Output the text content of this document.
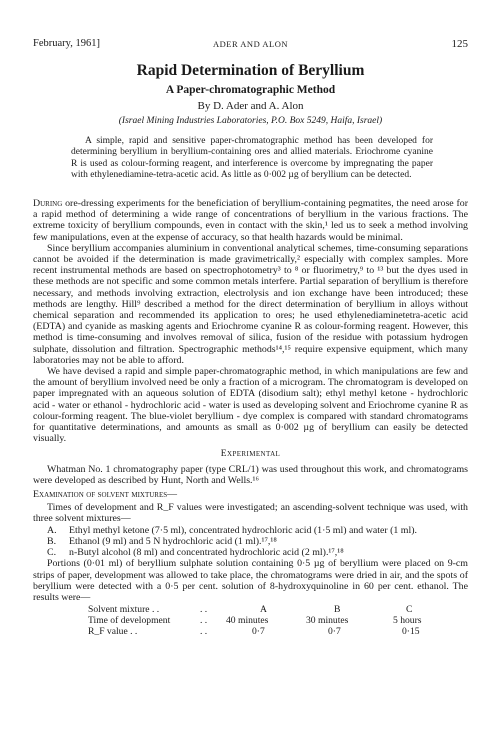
February, 1961]	ADER AND ALON	125
Rapid Determination of Beryllium
A Paper-chromatographic Method
By D. Ader and A. Alon
(Israel Mining Industries Laboratories, P.O. Box 5249, Haifa, Israel)
A simple, rapid and sensitive paper-chromatographic method has been developed for determining beryllium in beryllium-containing ores and allied materials. Eriochrome cyanine R is used as colour-forming reagent, and interference is overcome by impregnating the paper with ethylenediamine-tetra-acetic acid. As little as 0·002 µg of beryllium can be detected.

During ore-dressing experiments for the beneficiation of beryllium-containing pegmatites, the need arose for a rapid method of determining a wide range of concentrations of beryllium in the various fractions. The extreme toxicity of beryllium compounds, even in contact with the skin,¹ led us to seek a method involving few manipulations, even at the expense of accuracy, so that health hazards would be minimal.

Since beryllium accompanies aluminium in conventional analytical schemes, time-consuming separations cannot be avoided if the determination is made gravimetrically,² especially with complex samples. More recent instrumental methods are based on spectrophotometry³ to ⁸ or fluorimetry,⁹ to ¹³ but the dyes used in these methods are not specific and some common metals interfere. Partial separation of beryllium is therefore necessary, and methods involving extraction, electrolysis and ion exchange have been introduced; these methods are lengthy. Hill⁹ described a method for the direct determination of beryllium in alloys without chemical separation and recommended its application to ores; he used ethylenediaminetetra-acetic acid (EDTA) and cyanide as masking agents and Eriochrome cyanine R as colour-forming reagent. However, this method is time-consuming and involves removal of silica, fusion of the residue with potassium hydrogen sulphate, dissolution and filtration. Spectrographic methods¹⁴,¹⁵ require expensive equipment, which many laboratories may not be able to afford.

We have devised a rapid and simple paper-chromatographic method, in which manipulations are few and the amount of beryllium involved need be only a fraction of a microgram. The chromatogram is developed on paper impregnated with an aqueous solution of EDTA (disodium salt); ethyl methyl ketone - hydrochloric acid - water or ethanol - hydrochloric acid - water is used as developing solvent and Eriochrome cyanine R as colour-forming reagent. The blue-violet beryllium - dye complex is compared with standard chromatograms for quantitative determinations, and amounts as small as 0·002 µg of beryllium can easily be detected visually.

Experimental

Whatman No. 1 chromatography paper (type CRL/1) was used throughout this work, and chromatograms were developed as described by Hunt, North and Wells.¹⁶

Examination of solvent mixtures—

Times of development and R_F values were investigated; an ascending-solvent technique was used, with three solvent mixtures—

A. Ethyl methyl ketone (7·5 ml), concentrated hydrochloric acid (1·5 ml) and water (1 ml).
B. Ethanol (9 ml) and 5 N hydrochloric acid (1 ml).¹⁷,¹⁸
C. n-Butyl alcohol (8 ml) and concentrated hydrochloric acid (2 ml).¹⁷,¹⁸

Portions (0·01 ml) of beryllium sulphate solution containing 0·5 µg of beryllium were placed on 9-cm strips of paper, development was allowed to take place, the chromatograms were dried in air, and the spots of beryllium were detected with a 0·5 per cent. solution of 8-hydroxyquinoline in 60 per cent. ethanol. The results were—

Solvent mixture . .	. .	A	B	C
Time of development	. . 40 minutes	30 minutes	5 hours
R_F value . .	. .	0·7	0·7	0·15
